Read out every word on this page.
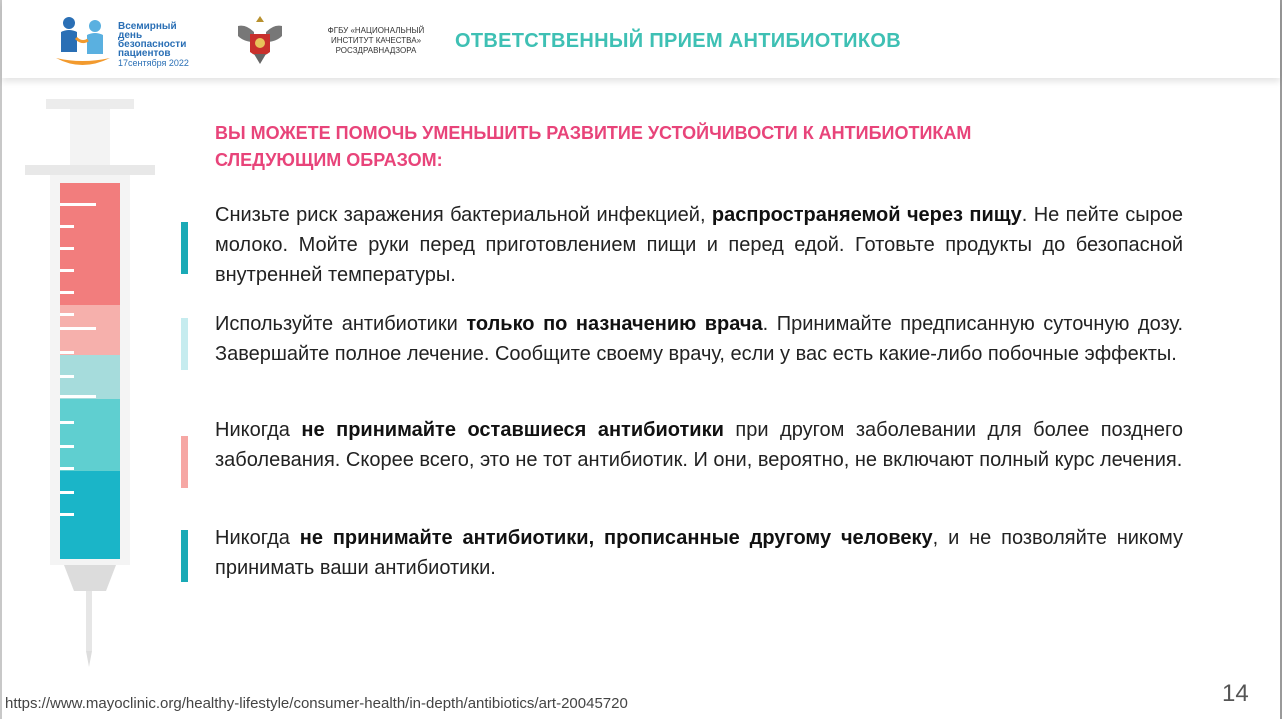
Всемирный день
безопасности
пациентов
17сентября 2022
ФГБУ «НАЦИОНАЛЬНЫЙ
ИНСТИТУТ КАЧЕСТВА»
РОСЗДРАВНАДЗОРА	ОТВЕТСТВЕННЫЙ ПРИЕМ АНТИБИОТИКОВ
ВЫ МОЖЕТЕ ПОМОЧЬ УМЕНЬШИТЬ РАЗВИТИЕ УСТОЙЧИВОСТИ К АНТИБИОТИКАМ
СЛЕДУЮЩИМ ОБРАЗОМ:
Снизьте риск заражения бактериальной инфекцией, распространяемой через пищу. Не пейте сырое молоко. Мойте руки перед приготовлением пищи и перед едой. Готовьте продукты до безопасной внутренней температуры.
Используйте антибиотики только по назначению врача. Принимайте предписанную суточную дозу. Завершайте полное лечение. Сообщите своему врачу, если у вас есть какие-либо побочные эффекты.
Никогда не принимайте оставшиеся антибиотики при другом заболевании для более позднего заболевания. Скорее всего, это не тот антибиотик. И они, вероятно, не включают полный курс лечения.
Никогда не принимайте антибиотики, прописанные другому человеку, и не позволяйте никому принимать ваши антибиотики.
https://www.mayoclinic.org/healthy-lifestyle/consumer-health/in-depth/antibiotics/art-20045720	14
